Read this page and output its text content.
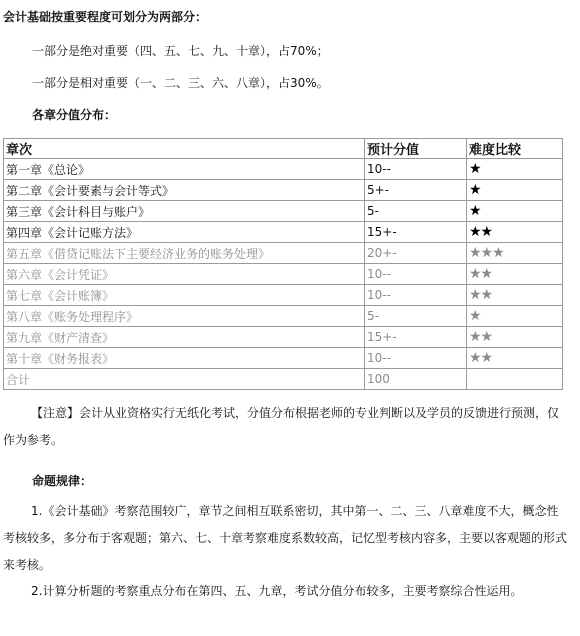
会计基础按重要程度可划分为两部分：
一部分是绝对重要（四、五、七、九、十章），占70%；
一部分是相对重要（一、二、三、六、八章），占30%。
各章分值分布：
章次	预计分值	难度比较
第一章《总论》	10--	★
第二章《会计要素与会计等式》	5+-	★
第三章《会计科目与账户》	5-	★
第四章《会计记账方法》	15+-	★★
第五章《借贷记账法下主要经济业务的账务处理》	20+-	★★★
第六章《会计凭证》	10--	★★
第七章《会计账簿》	10--	★★
第八章《账务处理程序》	5-	★
第九章《财产清查》	15+-	★★
第十章《财务报表》	10--	★★
合计	100	
【注意】会计从业资格实行无纸化考试，分值分布根据老师的专业判断以及学员的反馈进行预测，仅作为参考。
命题规律：
1.《会计基础》考察范围较广，章节之间相互联系密切，其中第一、二、三、八章难度不大，概念性考核较多，多分布于客观题；第六、七、十章考察难度系数较高，记忆型考核内容多，主要以客观题的形式来考核。
2.计算分析题的考察重点分布在第四、五、九章，考试分值分布较多，主要考察综合性运用。
